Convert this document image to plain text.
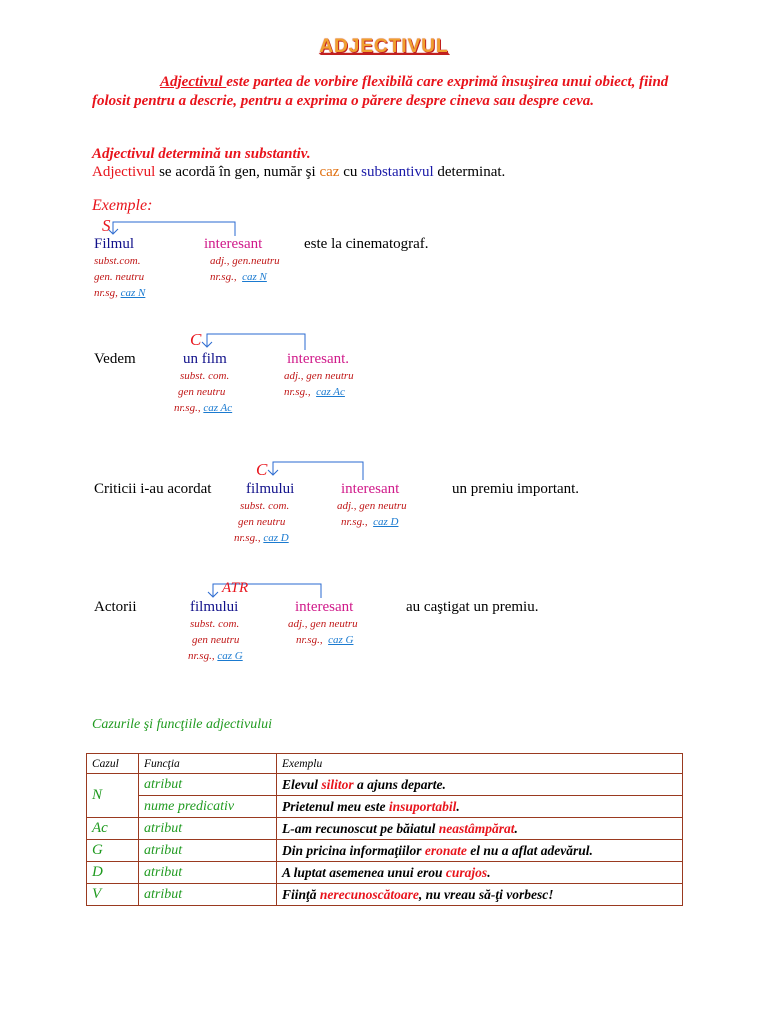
ADJECTIVUL
Adjectivul este partea de vorbire flexibilă care exprimă însuşirea unui obiect, fiind folosit pentru a descrie, pentru a exprima o părere despre cineva sau despre ceva.
Adjectivul determină un substantiv.
Adjectivul se acordă în gen, număr şi caz cu substantivul determinat.
Exemple:
S
Filmul	interesant	este la cinematograf.
subst.com.
gen. neutru
nr.sg, caz N
adj., gen.neutru
nr.sg., caz N
C
Vedem	un film	interesant.
subst. com.
gen neutru
nr.sg., caz Ac
adj., gen neutru
nr.sg., caz Ac
C
Criticii i-au acordat filmului	interesant	un premiu important.
subst. com.
gen neutru
nr.sg., caz D
adj., gen neutru
nr.sg., caz D
ATR
Actorii	filmului	interesant	au caştigat un premiu.
subst. com.
gen neutru
nr.sg., caz G
adj., gen neutru
nr.sg., caz G
Cazurile şi funcţiile adjectivului
Cazul	Funcţia	Exemplu
N	atribut	Elevul silitor a ajuns departe.
	nume predicativ	Prietenul meu este insuportabil.
Ac	atribut	L-am recunoscut pe băiatul neastâmpărat.
G	atribut	Din pricina informaţiilor eronate el nu a aflat adevărul.
D	atribut	A luptat asemenea unui erou curajos.
V	atribut	Fiinţă nerecunoscătoare, nu vreau să-ţi vorbesc!
